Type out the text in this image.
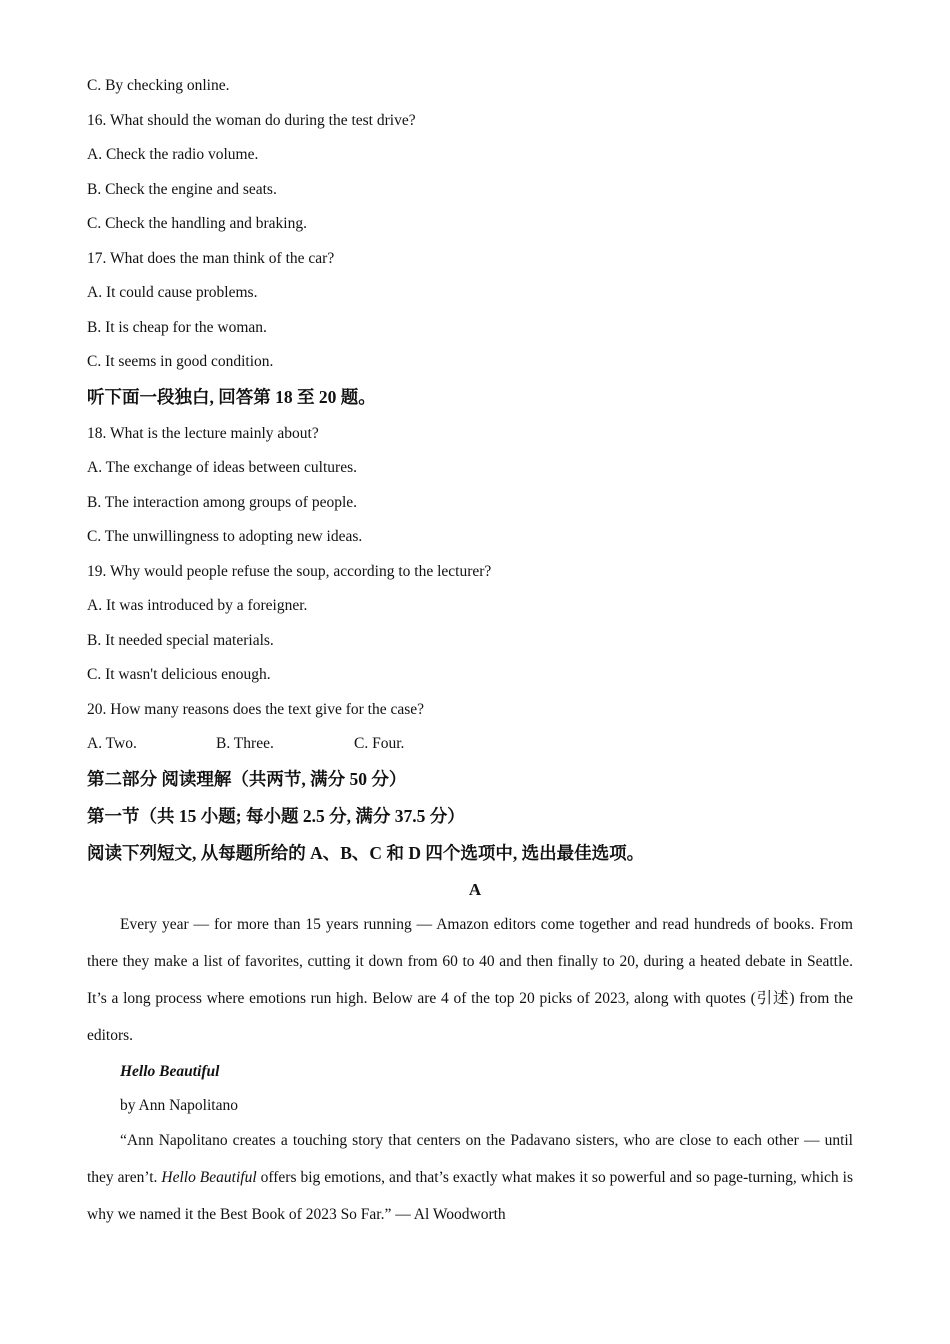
C. By checking online.
16. What should the woman do during the test drive?
A. Check the radio volume.
B. Check the engine and seats.
C. Check the handling and braking.
17. What does the man think of the car?
A. It could cause problems.
B. It is cheap for the woman.
C. It seems in good condition.
听下面一段独白, 回答第 18 至 20 题。
18. What is the lecture mainly about?
A. The exchange of ideas between cultures.
B. The interaction among groups of people.
C. The unwillingness to adopting new ideas.
19. Why would people refuse the soup, according to the lecturer?
A. It was introduced by a foreigner.
B. It needed special materials.
C. It wasn't delicious enough.
20. How many reasons does the text give for the case?
A. Two.	B. Three.	C. Four.
第二部分 阅读理解（共两节, 满分 50 分）
第一节（共 15 小题; 每小题 2.5 分, 满分 37.5 分）
阅读下列短文, 从每题所给的 A、B、C 和 D 四个选项中, 选出最佳选项。
A
Every year — for more than 15 years running — Amazon editors come together and read hundreds of books. From there they make a list of favorites, cutting it down from 60 to 40 and then finally to 20, during a heated debate in Seattle. It’s a long process where emotions run high. Below are 4 of the top 20 picks of 2023, along with quotes (引述) from the editors.
Hello Beautiful
by Ann Napolitano
“Ann Napolitano creates a touching story that centers on the Padavano sisters, who are close to each other — until they aren’t. Hello Beautiful offers big emotions, and that’s exactly what makes it so powerful and so page-turning, which is why we named it the Best Book of 2023 So Far.” — Al Woodworth
